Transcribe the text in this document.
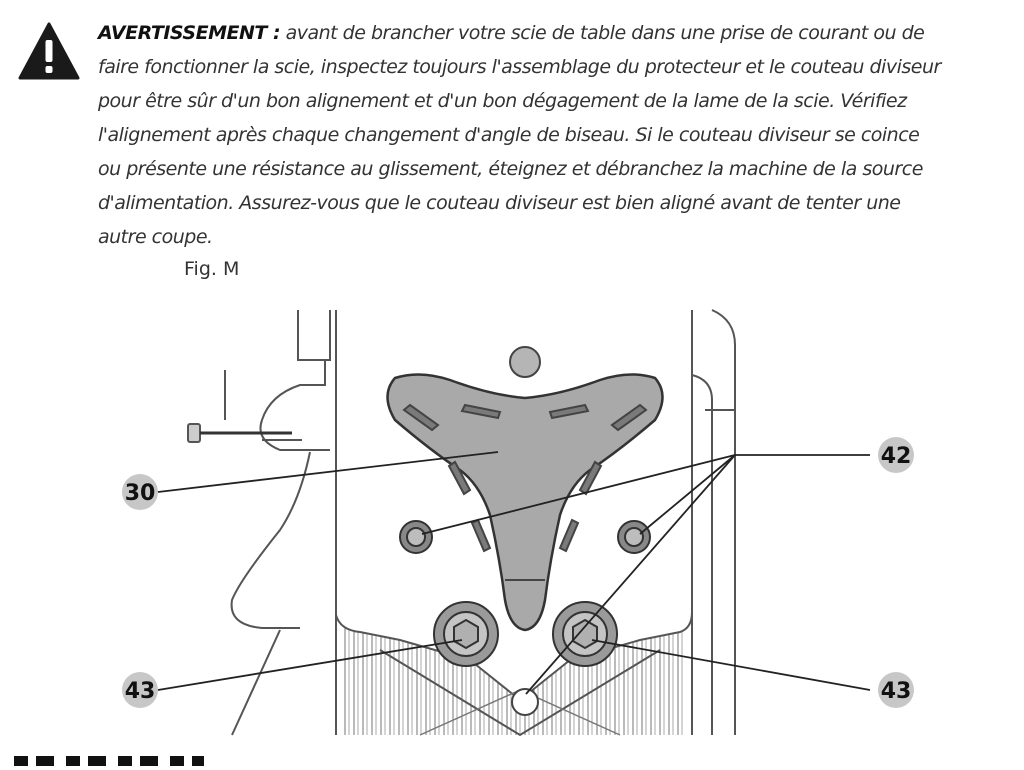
AVERTISSEMENT : avant de brancher votre scie de table dans une prise de courant ou de
faire fonctionner la scie, inspectez toujours l'assemblage du protecteur et le couteau diviseur
pour être sûr d'un bon alignement et d'un bon dégagement de la lame de la scie. Vérifiez
l'alignement après chaque changement d'angle de biseau. Si le couteau diviseur se coince
ou présente une résistance au glissement, éteignez et débranchez la machine de la source
d'alimentation. Assurez-vous que le couteau diviseur est bien aligné avant de tenter une
autre coupe.
Fig. M
30
42
43	43
